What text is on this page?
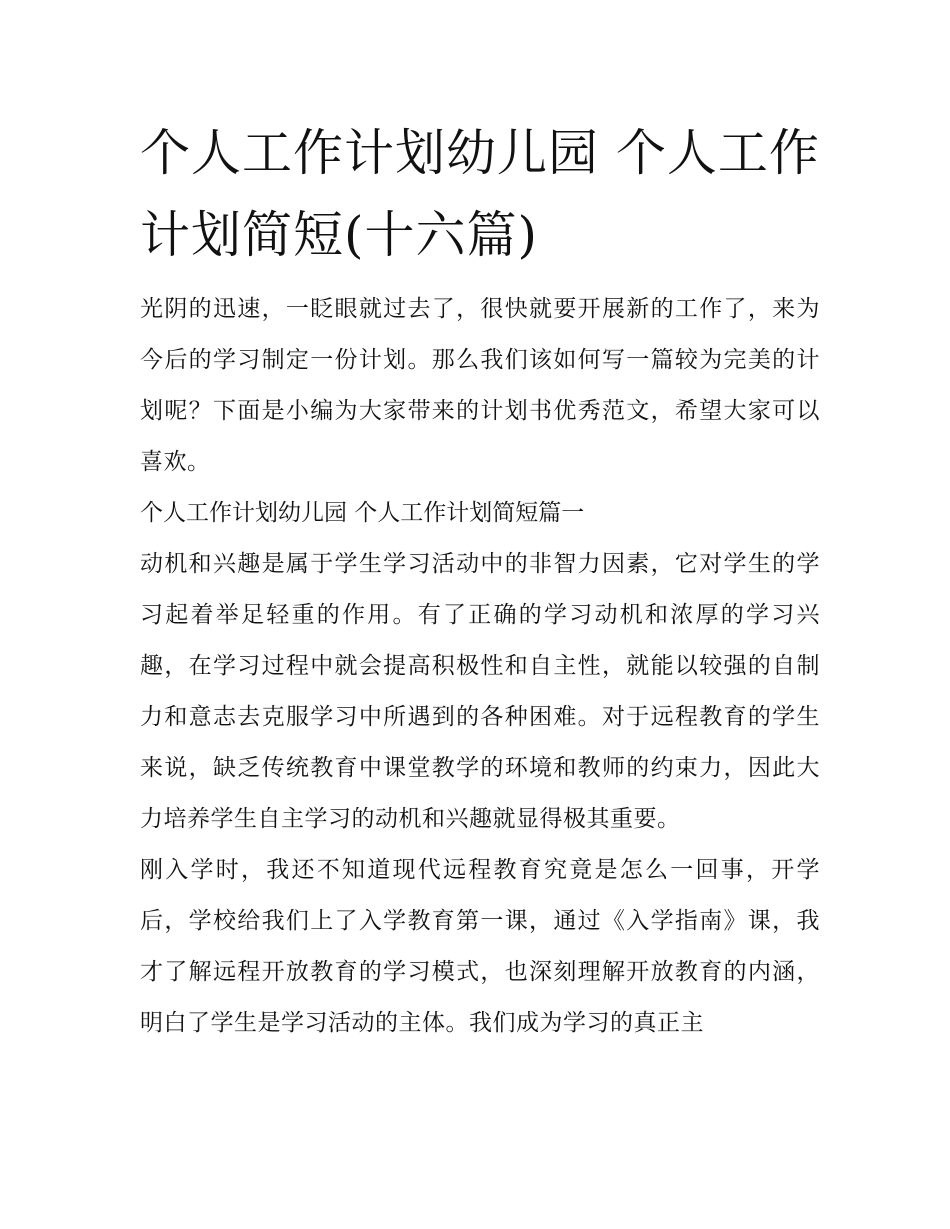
个人工作计划幼儿园 个人工作计划简短(十六篇)

光阴的迅速，一眨眼就过去了，很快就要开展新的工作了，来为今后的学习制定一份计划。那么我们该如何写一篇较为完美的计划呢？下面是小编为大家带来的计划书优秀范文，希望大家可以喜欢。

个人工作计划幼儿园 个人工作计划简短篇一

动机和兴趣是属于学生学习活动中的非智力因素，它对学生的学习起着举足轻重的作用。有了正确的学习动机和浓厚的学习兴趣，在学习过程中就会提高积极性和自主性，就能以较强的自制力和意志去克服学习中所遇到的各种困难。对于远程教育的学生来说，缺乏传统教育中课堂教学的环境和教师的约束力，因此大力培养学生自主学习的动机和兴趣就显得极其重要。

刚入学时，我还不知道现代远程教育究竟是怎么一回事，开学后，学校给我们上了入学教育第一课，通过《入学指南》课，我才了解远程开放教育的学习模式，也深刻理解开放教育的内涵，明白了学生是学习活动的主体。我们成为学习的真正主
